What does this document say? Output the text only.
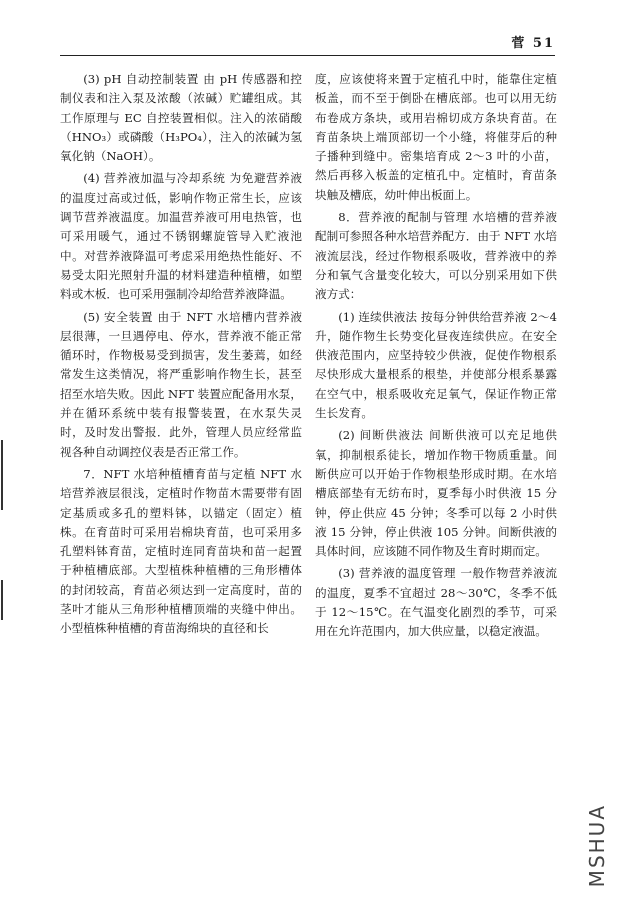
菅 51

(3) pH 自动控制装置 由 pH 传感器和控制仪表和注入泵及浓酸（浓碱）贮罐组成。其工作原理与 EC 自控装置相似。注入的浓硝酸（HNO₃）或磷酸（H₃PO₄），注入的浓碱为氢氧化钠（NaOH）。

(4) 营养液加温与冷却系统 为免避营养液的温度过高或过低，影响作物正常生长，应该调节营养液温度。加温营养液可用电热管，也可采用暖气，通过不锈钢螺旋管导入贮液池中。对营养液降温可考虑采用绝热性能好、不易受太阳光照射升温的材料建造种植槽，如塑料或木板．也可采用强制冷却给营养液降温。

(5) 安全装置 由于 NFT 水培槽内营养液层很薄，一旦遇停电、停水，营养液不能正常循环时，作物极易受到损害，发生萎蔫，如经常发生这类情况，将严重影响作物生长，甚至招至水培失败。因此 NFT 装置应配备用水泵，并在循环系统中装有报警装置，在水泵失灵时，及时发出警报．此外，管理人员应经常监视各种自动调控仪表是否正常工作。

7．NFT 水培种植槽育苗与定植 NFT 水培营养液层很浅，定植时作物苗木需要带有固定基质或多孔的塑料钵，以锚定（固定）植株。在育苗时可采用岩棉块育苗，也可采用多孔塑料钵育苗，定植时连同育苗块和苗一起置于种植槽底部。大型植株种植槽的三角形槽体的封闭较高，育苗必须达到一定高度时，苗的茎叶才能从三角形种植槽顶端的夹缝中伸出。小型植株种植槽的育苗海绵块的直径和长

度，应该使将来置于定植孔中时，能靠住定植板盖，而不至于倒卧在槽底部。也可以用无纺布卷成方条块，或用岩棉切成方条块育苗。在育苗条块上端顶部切一个小缝，将催芽后的种子播种到缝中。密集培育成 2～3 叶的小苗，然后再移入板盖的定植孔中。定植时，育苗条块触及槽底，幼叶伸出板面上。

8．营养液的配制与管理 水培槽的营养液配制可参照各种水培营养配方．由于 NFT 水培液流层浅，经过作物根系吸收，营养液中的养分和氧气含量变化较大，可以分别采用如下供液方式：

(1) 连续供液法 按每分钟供给营养液 2～4 升，随作物生长势变化昼夜连续供应。在安全供液范围内，应坚持较少供液，促使作物根系尽快形成大量根系的根垫，并使部分根系暴露在空气中，根系吸收充足氧气，保证作物正常生长发育。

(2) 间断供液法 间断供液可以充足地供氧，抑制根系徒长，增加作物干物质重量。间断供应可以开始于作物根垫形成时期。在水培槽底部垫有无纺布时，夏季每小时供液 15 分钟，停止供应 45 分钟；冬季可以每 2 小时供液 15 分钟，停止供液 105 分钟。间断供液的具体时间，应该随不同作物及生育时期而定。

(3) 营养液的温度管理 一般作物营养液流的温度，夏季不宜超过 28～30℃，冬季不低于 12～15℃。在气温变化剧烈的季节，可采用在允许范围内，加大供应量，以稳定液温。

MSHUA
